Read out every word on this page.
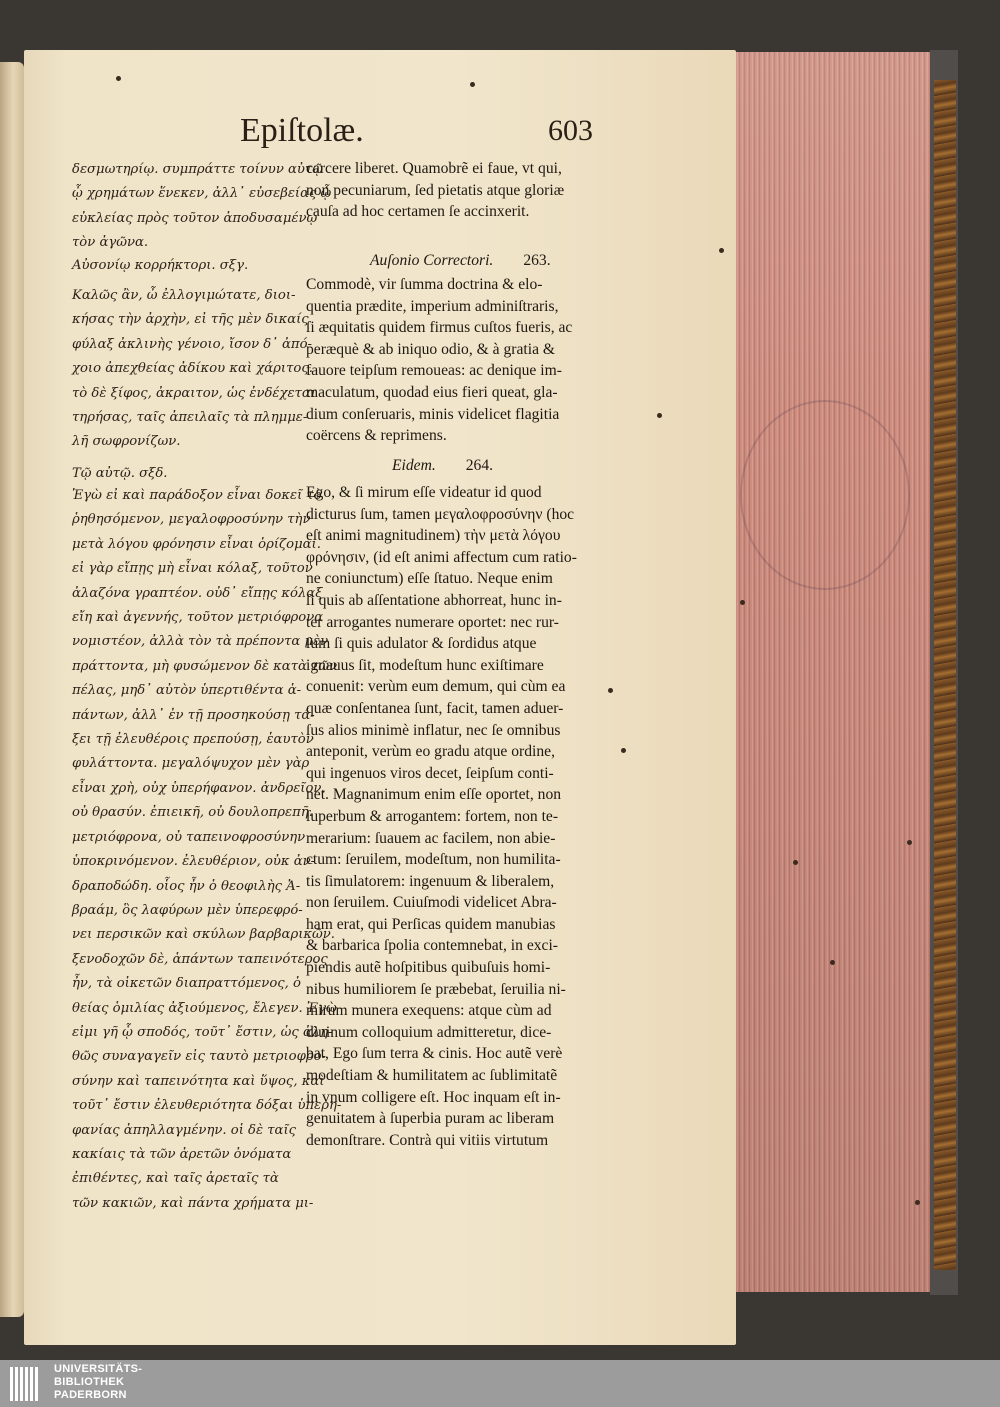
Epiſtolæ.	603
δεσμωτηρίῳ. συμπράττε τοίνυν αὐτῷ
ᾧ χρημάτων ἕνεκεν, ἀλλ᾽ εὐσεβείας ᾧ
εὐκλείας πρὸς τοῦτον ἀποδυσαμένῳ
τὸν ἀγῶνα.
Αὐσονίῳ κορρήκτορι. σξγ.
Καλῶς ἂν, ὦ ἐλλογιμώτατε, διοι-
κήσας τὴν ἀρχὴν, εἰ τῆς μὲν δικαίς
φύλαξ ἀκλινὴς γένοιο, ἴσον δ᾽ ἀπό-
χοιο ἀπεχθείας ἀδίκου καὶ χάριτος.
τὸ δὲ ξίφος, ἀκραιτον, ὡς ἐνδέχεται
τηρήσας, ταῖς ἀπειλαῖς τὰ πλημμε-
λῆ σωφρονίζων.
Τῷ αὐτῷ. σξδ.
Ἐγὼ εἰ καὶ παράδοξον εἶναι δοκεῖ τὸ
ῥηθησόμενον, μεγαλοφροσύνην τὴν
μετὰ λόγου φρόνησιν εἶναι ὁρίζομαι.
εἰ γὰρ εἴπῃς μὴ εἶναι κόλαξ, τοῦτον
ἀλαζόνα γραπτέον. οὐδ᾽ εἴπῃς κόλαξ
εἴη καὶ ἀγεννής, τοῦτον μετριόφρονα
νομιστέον, ἀλλὰ τὸν τὰ πρέποντα μὲν
πράττοντα, μὴ φυσώμενον δὲ κατὰ τῶν
πέλας, μηδ᾽ αὐτὸν ὑπερτιθέντα ἁ-
πάντων, ἀλλ᾽ ἐν τῇ προσηκούσῃ τά-
ξει τῇ ἐλευθέροις πρεπούσῃ, ἑαυτὸν
φυλάττοντα. μεγαλόψυχον μὲν γὰρ
εἶναι χρὴ, οὐχ ὑπερήφανον. ἀνδρεῖον,
οὐ θρασύν. ἐπιεικῆ, οὐ δουλοπρεπῆ.
μετριόφρονα, οὐ ταπεινοφροσύνην
ὑποκρινόμενον. ἐλευθέριον, οὐκ ἀν-
δραποδώδη. οἷος ἦν ὁ θεοφιλὴς Ἀ-
βραάμ, ὃς λαφύρων μὲν ὑπερεφρό-
νει περσικῶν καὶ σκύλων βαρβαρικῶν.
ξενοδοχῶν δὲ, ἁπάντων ταπεινότερος
ἦν, τὰ οἰκετῶν διαπραττόμενος, ὁ
θείας ὁμιλίας ἀξιούμενος, ἔλεγεν. Ἐγὼ
εἰμι γῆ ᾧ σποδός, τοῦτ᾽ ἔστιν, ὡς ἀλη-
θῶς συναγαγεῖν εἰς ταυτὸ μετριοφρο-
σύνην καὶ ταπεινότητα καὶ ὕψος, καὶ
τοῦτ᾽ ἔστιν ἐλευθεριότητα δόξαι ὑπερη-
φανίας ἀπηλλαγμένην. οἱ δὲ ταῖς
κακίαις τὰ τῶν ἀρετῶν ὀνόματα
ἐπιθέντες, καὶ ταῖς ἀρεταῖς τὰ
τῶν κακιῶν, καὶ πάντα χρήματα μι-
carcere liberet. Quamobrẽ ei faue, vt qui,
non pecuniarum, ſed pietatis atque gloriæ
cauſa ad hoc certamen ſe accinxerit.
Auſonio Correctori. 263.
Commodè, vir ſumma doctrina & elo-
quentia prædite, imperium adminiſtraris,
ſi æquitatis quidem firmus cuſtos fueris, ac
peræquè & ab iniquo odio, & à gratia &
fauore teipſum remoueas: ac denique im-
maculatum, quodad eius fieri queat, gla-
dium conſeruaris, minis videlicet flagitia
coërcens & reprimens.
Eidem. 264.
Ego, & ſi mirum eſſe videatur id quod
dicturus ſum, tamen μεγαλοφροσύνην (hoc
eſt animi magnitudinem) τὴν μετὰ λόγου
φρόνησιν, (id eſt animi affectum cum ratio-
ne coniunctum) eſſe ſtatuo. Neque enim
ſi quis ab aſſentatione abhorreat, hunc in-
ter arrogantes numerare oportet: nec rur-
ſum ſi quis adulator & ſordidus atque
ignauus ſit, modeſtum hunc exiſtimare
conuenit: verùm eum demum, qui cùm ea
quæ conſentanea ſunt, facit, tamen aduer-
ſus alios minimè inflatur, nec ſe omnibus
anteponit, verùm eo gradu atque ordine,
qui ingenuos viros decet, ſeipſum conti-
net. Magnanimum enim eſſe oportet, non
ſuperbum & arrogantem: fortem, non te-
merarium: ſuauem ac facilem, non abie-
ctum: ſeruilem, modeſtum, non humilita-
tis ſimulatorem: ingenuum & liberalem,
non ſeruilem. Cuiuſmodi videlicet Abra-
ham erat, qui Perſicas quidem manubias
& barbarica ſpolia contemnebat, in exci-
piendis autẽ hoſpitibus quibuſuis homi-
nibus humiliorem ſe præbebat, ſeruilia ni-
mirum munera exequens: atque cùm ad
diuinum colloquium admitteretur, dice-
bat, Ego ſum terra & cinis. Hoc autẽ verè
modeſtiam & humilitatem ac ſublimitatẽ
in vnum colligere eſt. Hoc inquam eſt in-
genuitatem à ſuperbia puram ac liberam
demonſtrare. Contrà qui vitiis virtutum
UNIVERSITÄTS-
BIBLIOTHEK
PADERBORN
